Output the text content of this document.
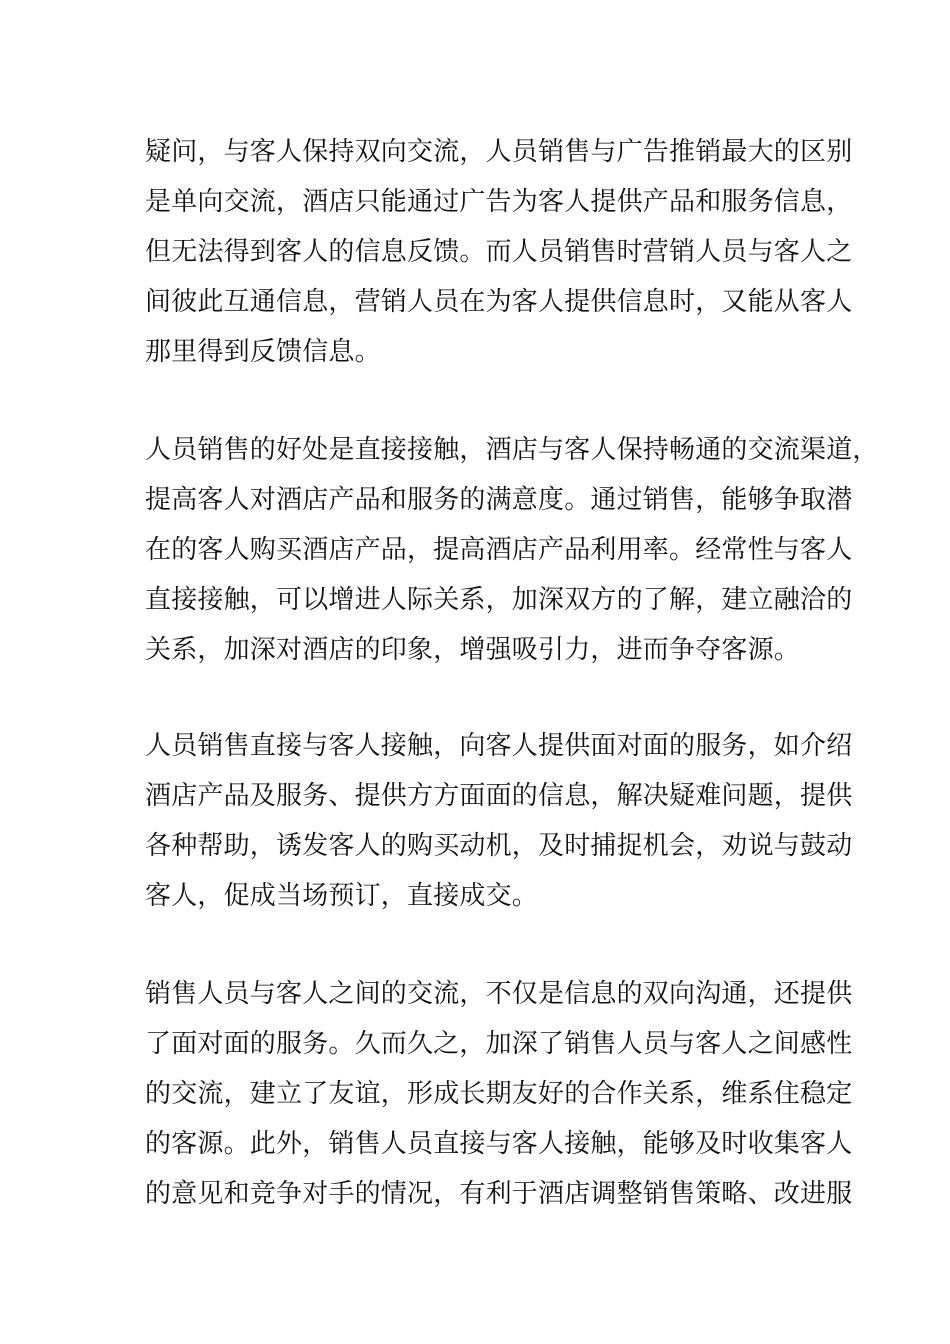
疑问，与客人保持双向交流，人员销售与广告推销最大的区别
是单向交流，酒店只能通过广告为客人提供产品和服务信息，
但无法得到客人的信息反馈。而人员销售时营销人员与客人之
间彼此互通信息，营销人员在为客人提供信息时，又能从客人
那里得到反馈信息。

人员销售的好处是直接接触，酒店与客人保持畅通的交流渠道，
提高客人对酒店产品和服务的满意度。通过销售，能够争取潜
在的客人购买酒店产品，提高酒店产品利用率。经常性与客人
直接接触，可以增进人际关系，加深双方的了解，建立融洽的
关系，加深对酒店的印象，增强吸引力，进而争夺客源。

人员销售直接与客人接触，向客人提供面对面的服务，如介绍
酒店产品及服务、提供方方面面的信息，解决疑难问题，提供
各种帮助，诱发客人的购买动机，及时捕捉机会，劝说与鼓动
客人，促成当场预订，直接成交。

销售人员与客人之间的交流，不仅是信息的双向沟通，还提供
了面对面的服务。久而久之，加深了销售人员与客人之间感性
的交流，建立了友谊，形成长期友好的合作关系，维系住稳定
的客源。此外，销售人员直接与客人接触，能够及时收集客人
的意见和竞争对手的情况，有利于酒店调整销售策略、改进服
